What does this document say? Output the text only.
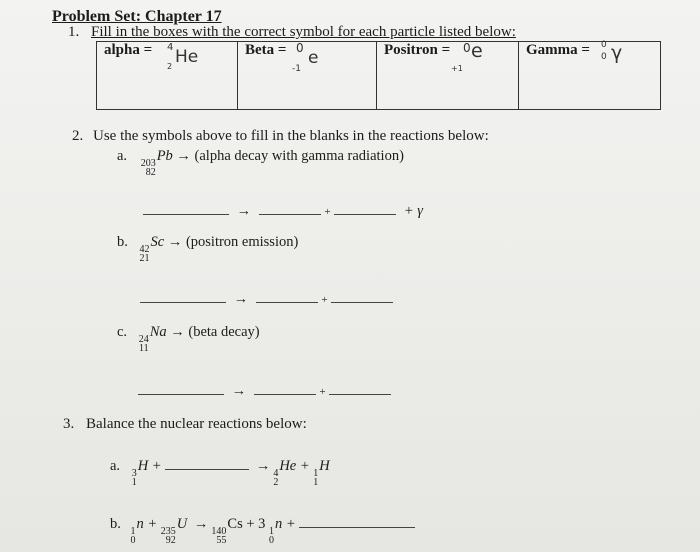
Problem Set: Chapter 17
1. Fill in the boxes with the correct symbol for each particle listed below:
alpha = 4 He
2
Beta = 0 e
-1
Positron = 0 e
+1
Gamma = 0 γ
0
2. Use the symbols above to fill in the blanks in the reactions below:
a. 203
82
Pb → (alpha decay with gamma radiation)
→	+	+ γ
b. 42
21
Sc → (positron emission)
→	+
c. 24
11
Na → (beta decay)
→	+
3. Balance the nuclear reactions below:
a. 3
1
H +	→ 4
2
He + 1
1
H
b. 1
0
n + 235
92
U → 140
55
Cs + 3 1
0
n +
